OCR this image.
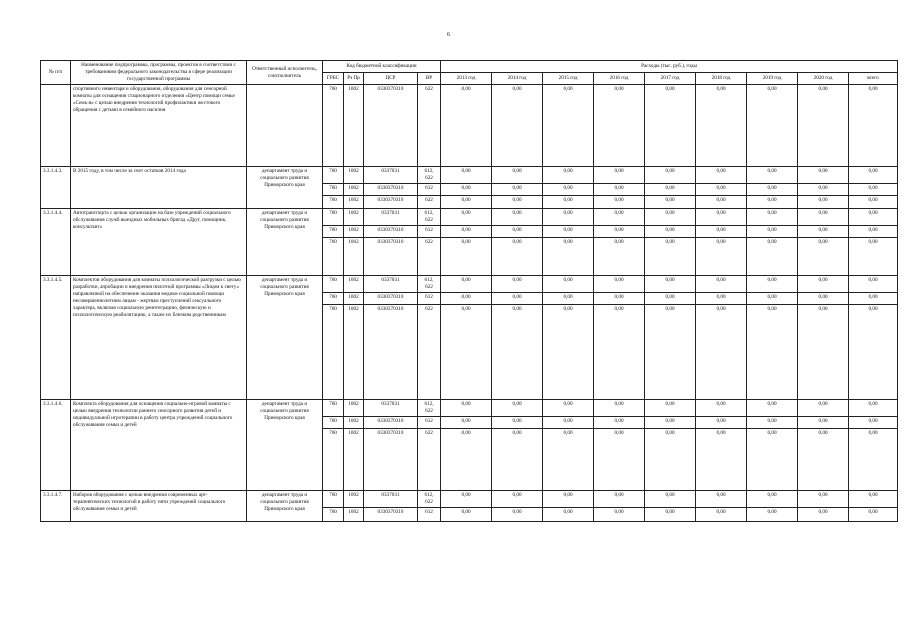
6
№ п/п	Наименование подпрограммы, программы, проектов в соответствии с требованиями федерального законодательства в сфере реализации государственной программы	Ответственный исполнитель, соисполнитель	Код бюджетной классификации				Расходы (тыс. руб.), годы								
			ГРБС	Рз Пр	ЦСР	ВР	2013 год	2014 год	2015 год	2016 год	2017 год	2018 год	2019 год	2020 год	всего
	спортивного инвентаря и оборудования, оборудования для сенсорной комнаты для оснащения стационарного отделения «Центр помощи семье «Семь-я» с целью внедрения технологий профилактики жестокого обращения с детьми в семейного насилия		760	1002	0330370310	622	0,00	0,00	0,00	0,00	0,00	0,00	0,00	0,00	0,00
3.3.1.4.3.	В 2015 году, в том числе за счет остатков 2014 года	департамент труда и социального развития Приморского края	760	1002	0337031	612, 622	0,00	0,00	0,00	0,00	0,00	0,00	0,00	0,00	0,00
			760	1002	0330370310	612	0,00	0,00	0,00	0,00	0,00	0,00	0,00	0,00	0,00
			760	1002	0330370310	622	0,00	0,00	0,00	0,00	0,00	0,00	0,00	0,00	0,00
3.3.1.4.4.	Автотранспорта с целью организации на базе учреждений социального обслуживания служб выездных мобильных бригад «Друг, помощник, консультант»	департамент труда и социального развития Приморского края	760	1002	0337031	612, 622	0,00	0,00	0,00	0,00	0,00	0,00	0,00	0,00	0,00
			760	1002	0330370310	612	0,00	0,00	0,00	0,00	0,00	0,00	0,00	0,00	0,00
			760	1002	0330370310	622	0,00	0,00	0,00	0,00	0,00	0,00	0,00	0,00	0,00
3.3.1.4.5.	Комплектов оборудования для комнаты психологической разгрузки с целью разработки, апробации и внедрения пилотной программы «Лицом к свету» направленной на обеспечение оказания медико-социальной помощи несовершеннолетним лицам - жертвам преступлений сексуального характера, включая социальную реинтеграцию, физическую и психологическую реабилитацию, а также их близким родственникам	департамент труда и социального развития Приморского края	760	1002	0337031	612, 622	0,00	0,00	0,00	0,00	0,00	0,00	0,00	0,00	0,00
			760	1002	0330370310	612	0,00	0,00	0,00	0,00	0,00	0,00	0,00	0,00	0,00
			760	1002	0330370310	622	0,00	0,00	0,00	0,00	0,00	0,00	0,00	0,00	0,00
3.3.1.4.6.	Комплекта оборудования для оснащения социально-игровой комнаты с целью внедрения технологии раннего сенсорного развития детей и индивидуальной игротерапии в работу центра учреждений социального обслуживания семьи и детей	департамент труда и социального развития Приморского края	760	1002	0337031	612, 622	0,00	0,00	0,00	0,00	0,00	0,00	0,00	0,00	0,00
			760	1002	0330370310	612	0,00	0,00	0,00	0,00	0,00	0,00	0,00	0,00	0,00
			760	1002	0330370310	622	0,00	0,00	0,00	0,00	0,00	0,00	0,00	0,00	0,00
3.3.1.4.7.	Наборов оборудования с целью внедрения современных арт-терапевтических технологий в работу пяти учреждений социального обслуживания семьи и детей	департамент труда и социального развития Приморского края	760	1002	0337031	612, 622	0,00	0,00	0,00	0,00	0,00	0,00	0,00	0,00	0,00
			760	1002	0330370310	612	0,00	0,00	0,00	0,00	0,00	0,00	0,00	0,00	0,00
